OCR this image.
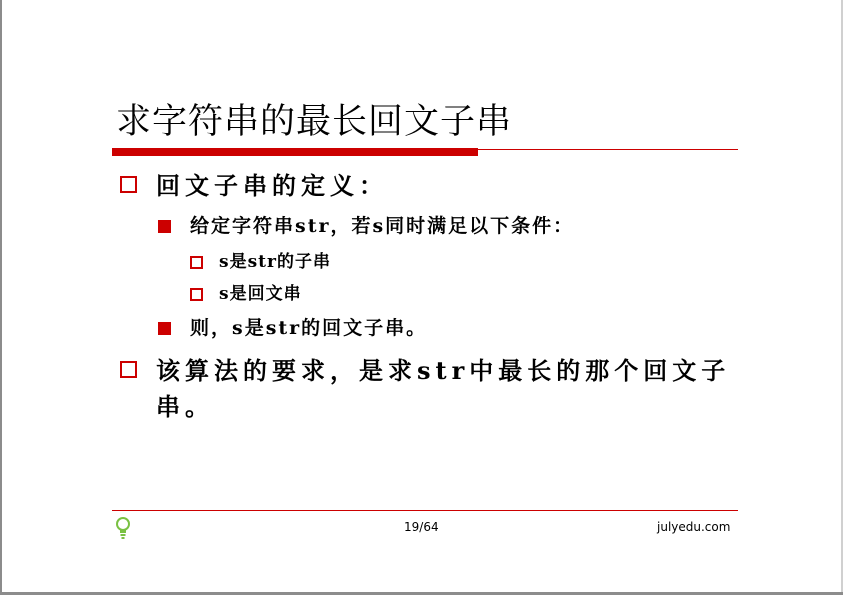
求字符串的最长回文子串
回文子串的定义：
给定字符串str，若s同时满足以下条件：
s是str的子串
s是回文串
则，s是str的回文子串。
该算法的要求，是求str中最长的那个回文子
串。
19/64	julyedu.com
